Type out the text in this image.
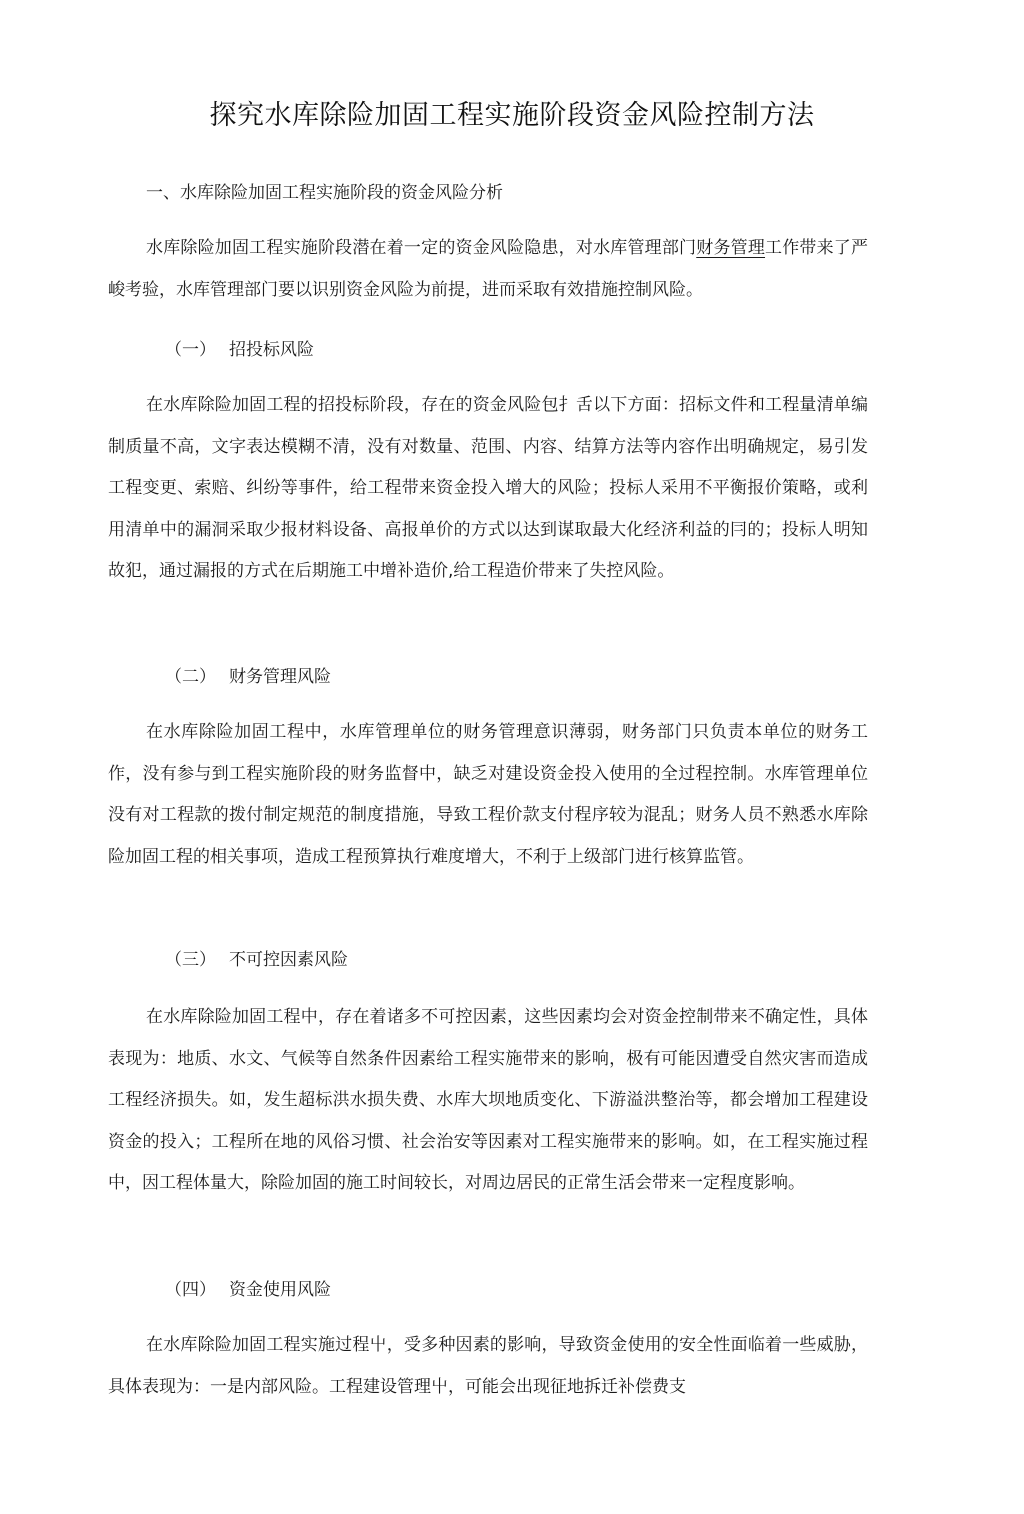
探究水库除险加固工程实施阶段资金风险控制方法
一、水库除险加固工程实施阶段的资金风险分析
水库除险加固工程实施阶段潜在着一定的资金风险隐患，对水库管理部门财务管理工作带来了严峻考验，水库管理部门要以识别资金风险为前提，进而采取有效措施控制风险。
（一） 招投标风险
在水库除险加固工程的招投标阶段，存在的资金风险包扌舌以下方面：招标文件和工程量清单编制质量不高，文字表达模糊不清，没有对数量、范围、内容、结算方法等内容作出明确规定，易引发工程变更、索赔、纠纷等事件，给工程带来资金投入增大的风险；投标人采用不平衡报价策略，或利用清单中的漏洞采取少报材料设备、高报单价的方式以达到谋取最大化经济利益的冃的；投标人明知故犯，通过漏报的方式在后期施工中增补造价,给工程造价带来了失控风险。
（二） 财务管理风险
在水库除险加固工程中，水库管理单位的财务管理意识薄弱，财务部门只负责本单位的财务工作，没有参与到工程实施阶段的财务监督中，缺乏对建设资金投入使用的全过程控制。水库管理单位没有对工程款的拨付制定规范的制度措施，导致工程价款支付程序较为混乱；财务人员不熟悉水库除险加固工程的相关事项，造成工程预算执行难度增大，不利于上级部门进行核算监管。
（三） 不可控因素风险
在水库除险加固工程中，存在着诸多不可控因素，这些因素均会对资金控制带来不确定性，具体表现为：地质、水文、气候等自然条件因素给工程实施带来的影响，极有可能因遭受自然灾害而造成工程经济损失。如，发生超标洪水损失费、水库大坝地质变化、下游溢洪整治等，都会增加工程建设资金的投入；工程所在地的风俗习惯、社会治安等因素对工程实施带来的影响。如，在工程实施过程中，因工程体量大，除险加固的施工时间较长，对周边居民的正常生活会带来一定程度影响。
（四） 资金使用风险
在水库除险加固工程实施过程屮，受多种因素的影响，导致资金使用的安全性面临着一些威胁，具体表现为：一是内部风险。工程建设管理屮，可能会出现征地拆迁补偿费支
